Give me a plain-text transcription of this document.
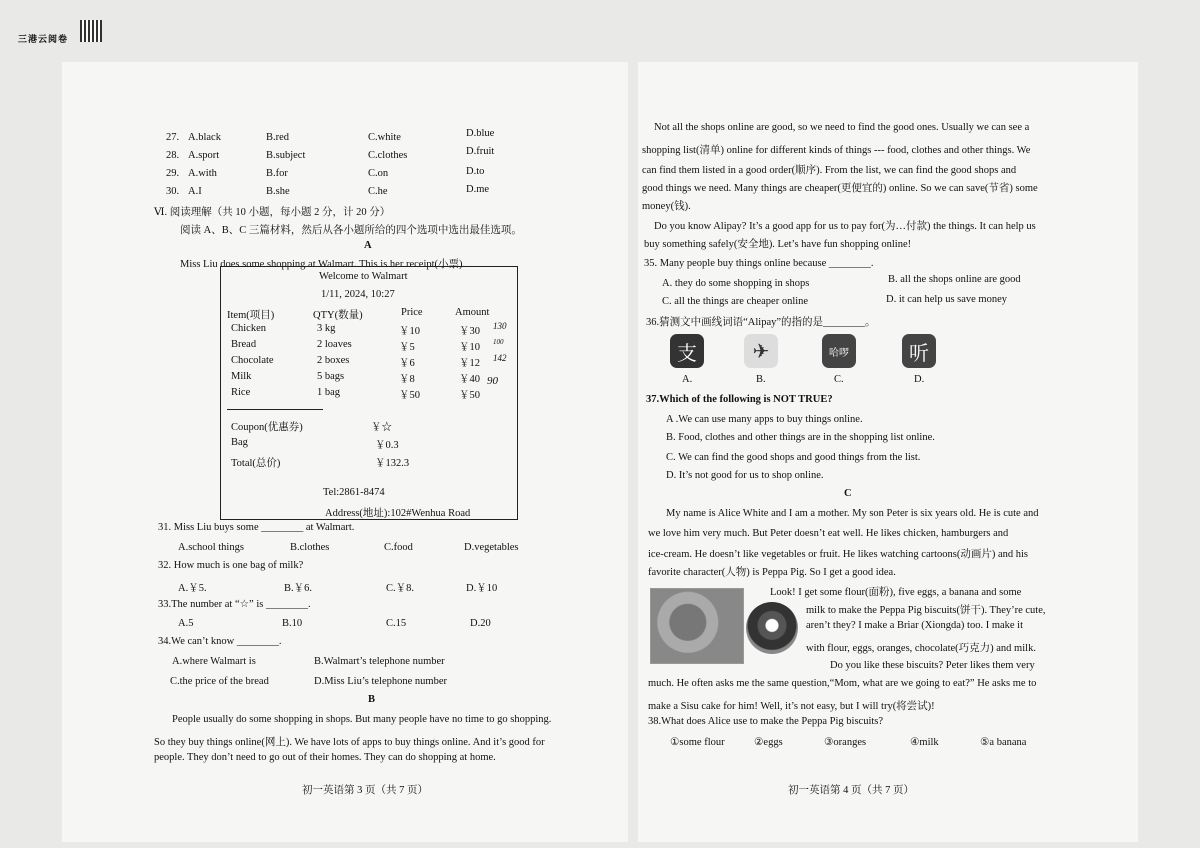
三港云阅卷
27. A.black	B.red	C.white	D.blue
28. A.sport	B.subject	C.clothes	D.fruit
29. A.with	B.for	C.on	D.to
30. A.I	B.she	C.he	D.me
Ⅵ. 阅读理解（共 10 小题，每小题 2 分，计 20 分）
阅读 A、B、C 三篇材料，然后从各小题所给的四个选项中选出最佳选项。
A
Miss Liu does some shopping at Walmart. This is her receipt(小票).
Welcome to Walmart
1/11, 2024, 10:27
Item(项目)	QTY(数量)	Price	Amount
Chicken	3 kg	￥10	￥30 130
Bread	2 loaves	￥5	￥10 100
Chocolate	2 boxes	￥6	￥12 142
Milk	5 bags	￥8	￥40 90
Rice	1 bag	￥50	￥50
Coupon(优惠券)	￥☆
Bag	￥0.3
Total(总价)	￥132.3
Tel:2861-8474
Address(地址):102#Wenhua Road
31. Miss Liu buys some ________ at Walmart.
A.school things	B.clothes	C.food	D.vegetables
32. How much is one bag of milk?
A.￥5.	B.￥6.	C.￥8.	D.￥10
33.The number at “☆” is ________.
A.5	B.10	C.15	D.20
34.We can’t know ________.
A.where Walmart is	B.Walmart’s telephone number
C.the price of the bread	D.Miss Liu’s telephone number
B
People usually do some shopping in shops. But many people have no time to go shopping.
So they buy things online(网上). We have lots of apps to buy things online. And it’s good for
people. They don’t need to go out of their homes. They can do shopping at home.
初一英语第 3 页（共 7 页）
Not all the shops online are good, so we need to find the good ones. Usually we can see a
shopping list(清单) online for different kinds of things --- food, clothes and other things. We
can find them listed in a good order(顺序). From the list, we can find the good shops and
good things we need. Many things are cheaper(更便宜的) online. So we can save(节省) some
money(钱).
Do you know Alipay? It’s a good app for us to pay for(为…付款) the things. It can help us
buy something safely(安全地). Let’s have fun shopping online!
35. Many people buy things online because ________.
A. they do some shopping in shops	B. all the shops online are good
C. all the things are cheaper online	D. it can help us save money
36.猜测文中画线词语“Alipay”的指的是________。
支	✈	哈啰	听
A.	B.	C.	D.
37.Which of the following is NOT TRUE?
A .We can use many apps to buy things online.
B. Food, clothes and other things are in the shopping list online.
C. We can find the good shops and good things from the list.
D. It’s not good for us to shop online.
C
My name is Alice White and I am a mother. My son Peter is six years old. He is cute and
we love him very much. But Peter doesn’t eat well. He likes chicken, hamburgers and
ice-cream. He doesn’t like vegetables or fruit. He likes watching cartoons(动画片) and his
favorite character(人物) is Peppa Pig. So I get a good idea.
Look! I get some flour(面粉), five eggs, a banana and some
milk to make the Peppa Pig biscuits(饼干). They’re cute,
aren’t they? I make a Briar (Xiongda) too. I make it
with flour, eggs, oranges, chocolate(巧克力) and milk.
Do you like these biscuits? Peter likes them very
much. He often asks me the same question,“Mom, what are we going to eat?” He asks me to
make a Sisu cake for him! Well, it’s not easy, but I will try(将尝试)!
38.What does Alice use to make the Peppa Pig biscuits?
①some flour	②eggs	③oranges	④milk	⑤a banana
初一英语第 4 页（共 7 页）
